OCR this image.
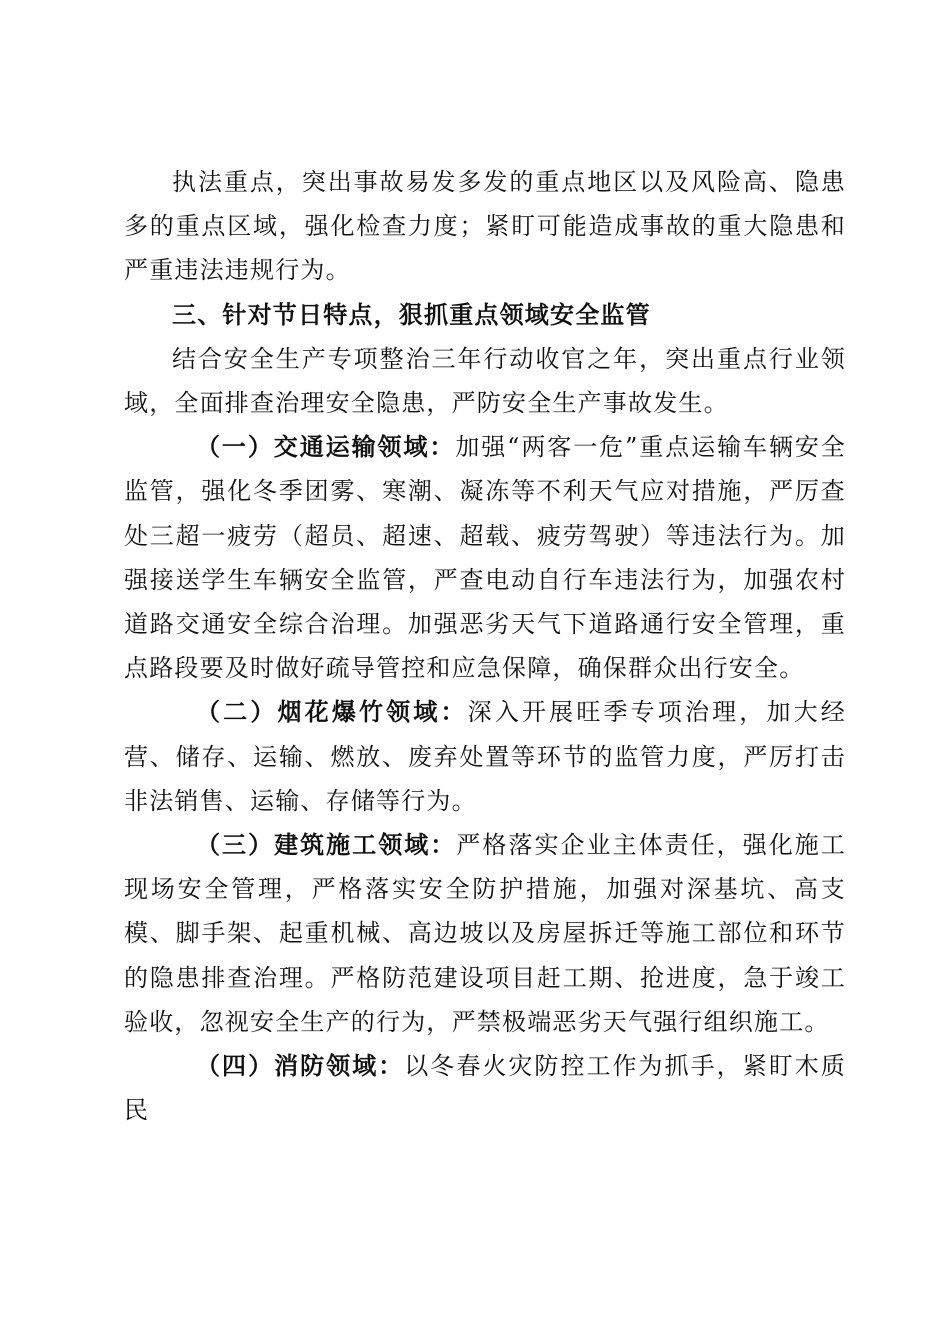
执法重点，突出事故易发多发的重点地区以及风险高、隐患多的重点区域，强化检查力度；紧盯可能造成事故的重大隐患和严重违法违规行为。

三、针对节日特点，狠抓重点领域安全监管

结合安全生产专项整治三年行动收官之年，突出重点行业领域，全面排查治理安全隐患，严防安全生产事故发生。

（一）交通运输领域：加强“两客一危”重点运输车辆安全监管，强化冬季团雾、寒潮、凝冻等不利天气应对措施，严厉查处三超一疲劳（超员、超速、超载、疲劳驾驶）等违法行为。加强接送学生车辆安全监管，严查电动自行车违法行为，加强农村道路交通安全综合治理。加强恶劣天气下道路通行安全管理，重点路段要及时做好疏导管控和应急保障，确保群众出行安全。

（二）烟花爆竹领域：深入开展旺季专项治理，加大经营、储存、运输、燃放、废弃处置等环节的监管力度，严厉打击非法销售、运输、存储等行为。

（三）建筑施工领域：严格落实企业主体责任，强化施工现场安全管理，严格落实安全防护措施，加强对深基坑、高支模、脚手架、起重机械、高边坡以及房屋拆迁等施工部位和环节的隐患排查治理。严格防范建设项目赶工期、抢进度，急于竣工验收，忽视安全生产的行为，严禁极端恶劣天气强行组织施工。

（四）消防领域：以冬春火灾防控工作为抓手，紧盯木质民
